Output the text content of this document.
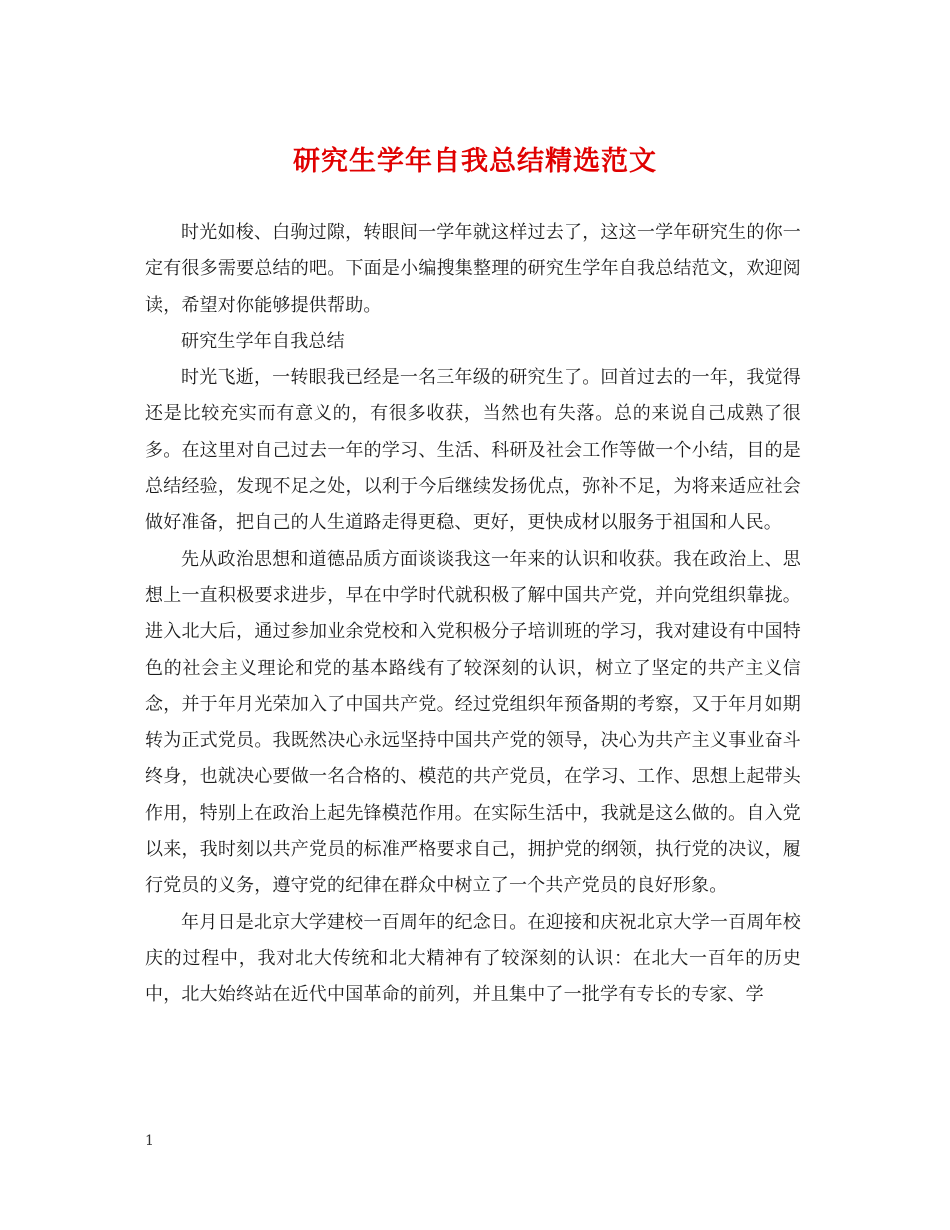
研究生学年自我总结精选范文

时光如梭、白驹过隙，转眼间一学年就这样过去了，这这一学年研究生的你一定有很多需要总结的吧。下面是小编搜集整理的研究生学年自我总结范文，欢迎阅读，希望对你能够提供帮助。

研究生学年自我总结

时光飞逝，一转眼我已经是一名三年级的研究生了。回首过去的一年，我觉得还是比较充实而有意义的，有很多收获，当然也有失落。总的来说自己成熟了很多。在这里对自己过去一年的学习、生活、科研及社会工作等做一个小结，目的是总结经验，发现不足之处，以利于今后继续发扬优点，弥补不足，为将来适应社会做好准备，把自己的人生道路走得更稳、更好，更快成材以服务于祖国和人民。

先从政治思想和道德品质方面谈谈我这一年来的认识和收获。我在政治上、思想上一直积极要求进步，早在中学时代就积极了解中国共产党，并向党组织靠拢。进入北大后，通过参加业余党校和入党积极分子培训班的学习，我对建设有中国特色的社会主义理论和党的基本路线有了较深刻的认识，树立了坚定的共产主义信念，并于年月光荣加入了中国共产党。经过党组织年预备期的考察，又于年月如期转为正式党员。我既然决心永远坚持中国共产党的领导，决心为共产主义事业奋斗终身，也就决心要做一名合格的、模范的共产党员，在学习、工作、思想上起带头作用，特别上在政治上起先锋模范作用。在实际生活中，我就是这么做的。自入党以来，我时刻以共产党员的标准严格要求自己，拥护党的纲领，执行党的决议，履行党员的义务，遵守党的纪律在群众中树立了一个共产党员的良好形象。

年月日是北京大学建校一百周年的纪念日。在迎接和庆祝北京大学一百周年校庆的过程中，我对北大传统和北大精神有了较深刻的认识：在北大一百年的历史中，北大始终站在近代中国革命的前列，并且集中了一批学有专长的专家、学

1
